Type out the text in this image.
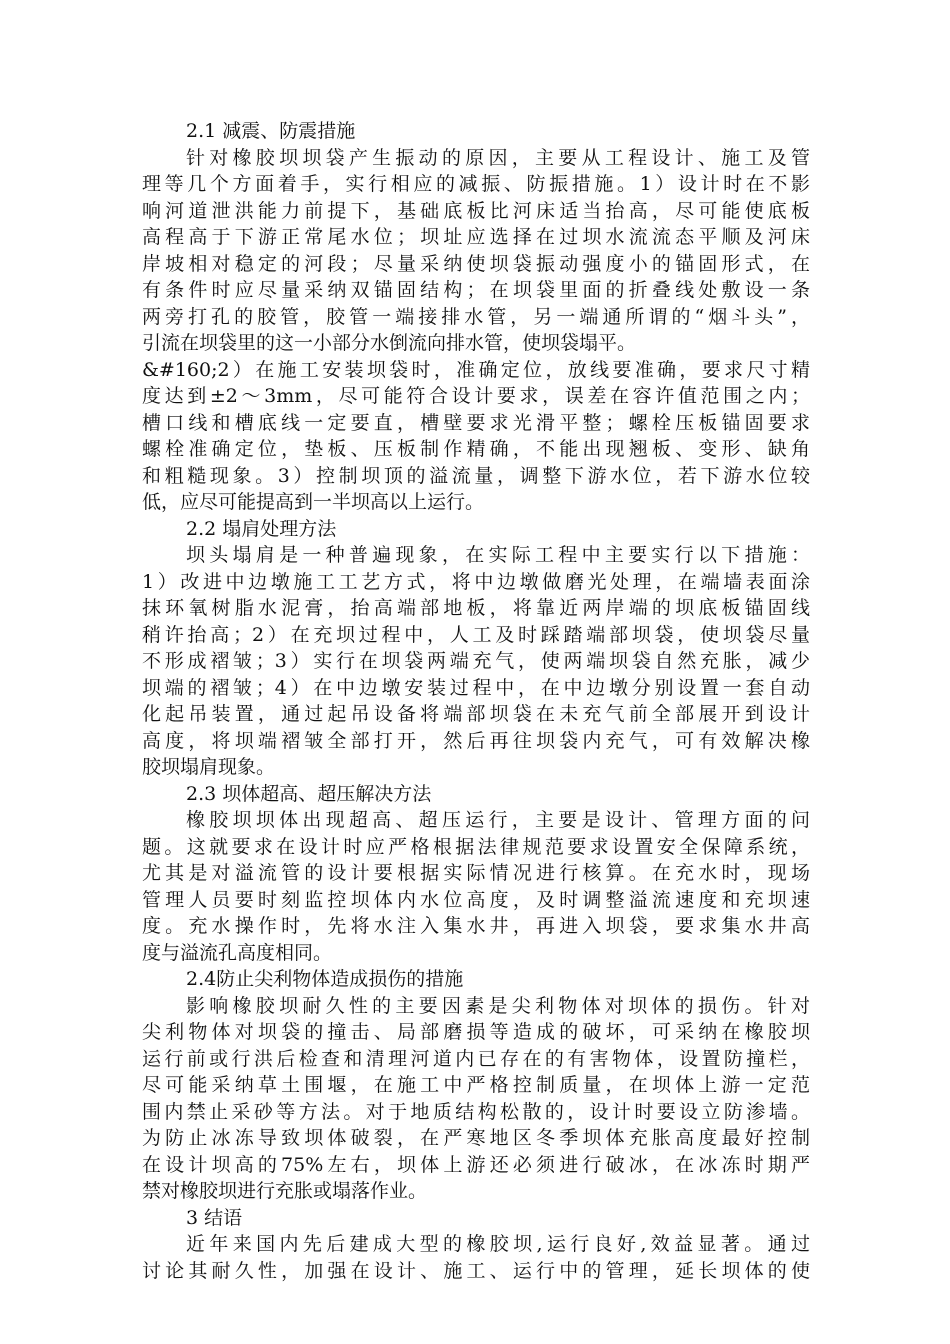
2.1 减震、防震措施
针对橡胶坝坝袋产生振动的原因，主要从工程设计、施工及管
理等几个方面着手，实行相应的减振、防振措施。1）设计时在不影
响河道泄洪能力前提下，基础底板比河床适当抬高，尽可能使底板
高程高于下游正常尾水位；坝址应选择在过坝水流流态平顺及河床
岸坡相对稳定的河段；尽量采纳使坝袋振动强度小的锚固形式，在
有条件时应尽量采纳双锚固结构；在坝袋里面的折叠线处敷设一条
两旁打孔的胶管，胶管一端接排水管，另一端通所谓的“烟斗头”，
引流在坝袋里的这一小部分水倒流向排水管，使坝袋塌平。
&#160;2）在施工安装坝袋时，准确定位，放线要准确，要求尺寸精
度达到±2～3mm，尽可能符合设计要求，误差在容许值范围之内；
槽口线和槽底线一定要直，槽壁要求光滑平整；螺栓压板锚固要求
螺栓准确定位，垫板、压板制作精确，不能出现翘板、变形、缺角
和粗糙现象。3）控制坝顶的溢流量，调整下游水位，若下游水位较
低，应尽可能提高到一半坝高以上运行。
2.2 塌肩处理方法
坝头塌肩是一种普遍现象，在实际工程中主要实行以下措施：
1）改进中边墩施工工艺方式，将中边墩做磨光处理，在端墙表面涂
抹环氧树脂水泥膏，抬高端部地板，将靠近两岸端的坝底板锚固线
稍许抬高；2）在充坝过程中，人工及时踩踏端部坝袋，使坝袋尽量
不形成褶皱；3）实行在坝袋两端充气，使两端坝袋自然充胀，减少
坝端的褶皱；4）在中边墩安装过程中，在中边墩分别设置一套自动
化起吊装置，通过起吊设备将端部坝袋在未充气前全部展开到设计
高度，将坝端褶皱全部打开，然后再往坝袋内充气，可有效解决橡
胶坝塌肩现象。
2.3 坝体超高、超压解决方法
橡胶坝坝体出现超高、超压运行，主要是设计、管理方面的问
题。这就要求在设计时应严格根据法律规范要求设置安全保障系统，
尤其是对溢流管的设计要根据实际情况进行核算。在充水时，现场
管理人员要时刻监控坝体内水位高度，及时调整溢流速度和充坝速
度。充水操作时，先将水注入集水井，再进入坝袋，要求集水井高
度与溢流孔高度相同。
2.4防止尖利物体造成损伤的措施
影响橡胶坝耐久性的主要因素是尖利物体对坝体的损伤。针对
尖利物体对坝袋的撞击、局部磨损等造成的破坏，可采纳在橡胶坝
运行前或行洪后检查和清理河道内已存在的有害物体，设置防撞栏，
尽可能采纳草土围堰，在施工中严格控制质量，在坝体上游一定范
围内禁止采砂等方法。对于地质结构松散的，设计时要设立防渗墙。
为防止冰冻导致坝体破裂，在严寒地区冬季坝体充胀高度最好控制
在设计坝高的75%左右，坝体上游还必须进行破冰，在冰冻时期严
禁对橡胶坝进行充胀或塌落作业。
3 结语
近年来国内先后建成大型的橡胶坝,运行良好,效益显著。通过
讨论其耐久性，加强在设计、施工、运行中的管理，延长坝体的使
